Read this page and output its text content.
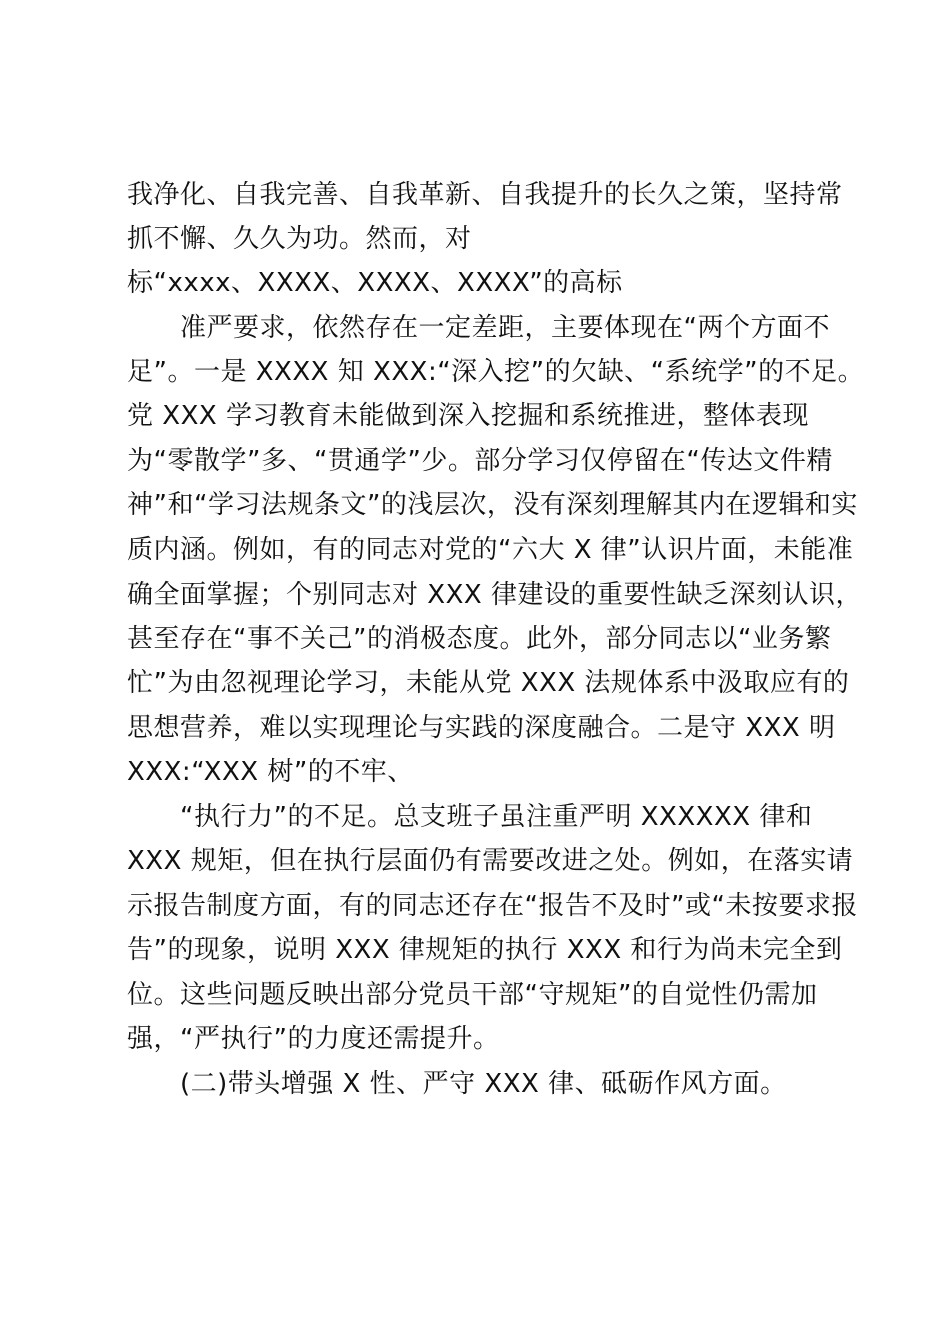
我净化、自我完善、自我革新、自我提升的长久之策，坚持常
抓不懈、久久为功。然而，对
标“xxxx、XXXX、XXXX、XXXX”的高标
准严要求，依然存在一定差距，主要体现在“两个方面不
足”。一是 XXXX 知 XXX:“深入挖”的欠缺、“系统学”的不足。
党 XXX 学习教育未能做到深入挖掘和系统推进，整体表现
为“零散学”多、“贯通学”少。部分学习仅停留在“传达文件精
神”和“学习法规条文”的浅层次，没有深刻理解其内在逻辑和实
质内涵。例如，有的同志对党的“六大 X 律”认识片面，未能准
确全面掌握；个别同志对 XXX 律建设的重要性缺乏深刻认识，
甚至存在“事不关己”的消极态度。此外，部分同志以“业务繁
忙”为由忽视理论学习，未能从党 XXX 法规体系中汲取应有的
思想营养，难以实现理论与实践的深度融合。二是守 XXX 明
XXX:“XXX 树”的不牢、
“执行力”的不足。总支班子虽注重严明 XXXXXX 律和
XXX 规矩，但在执行层面仍有需要改进之处。例如，在落实请
示报告制度方面，有的同志还存在“报告不及时”或“未按要求报
告”的现象，说明 XXX 律规矩的执行 XXX 和行为尚未完全到
位。这些问题反映出部分党员干部“守规矩”的自觉性仍需加
强，“严执行”的力度还需提升。
(二)带头增强 X 性、严守 XXX 律、砥砺作风方面。
